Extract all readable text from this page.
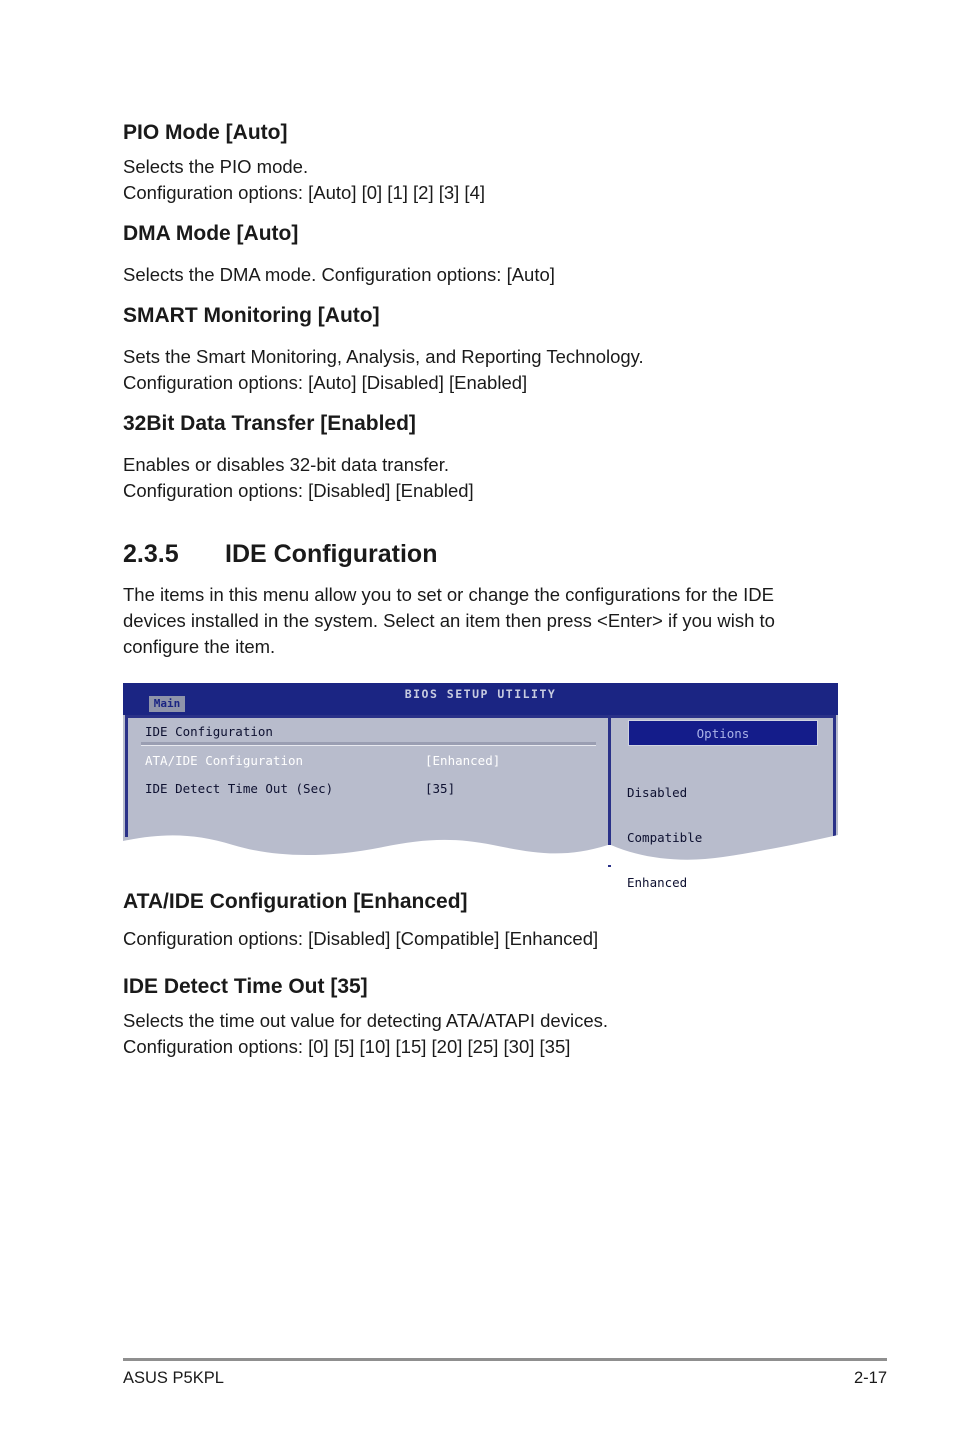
PIO Mode [Auto]

Selects the PIO mode.

Configuration options: [Auto] [0] [1] [2] [3] [4]

DMA Mode [Auto]

Selects the DMA mode. Configuration options: [Auto]

SMART Monitoring [Auto]

Sets the Smart Monitoring, Analysis, and Reporting Technology.

Configuration options: [Auto] [Disabled] [Enabled]

32Bit Data Transfer [Enabled]

Enables or disables 32-bit data transfer.

Configuration options: [Disabled] [Enabled]

2.3.5 IDE Configuration

The items in this menu allow you to set or change the configurations for the IDE

devices installed in the system. Select an item then press <Enter> if you wish to

configure the item.

BIOS SETUP UTILITY
Main
IDE Configuration
ATA/IDE Configuration	[Enhanced]
IDE Detect Time Out (Sec)	[35]
Options

Disabled

Compatible

Enhanced

ATA/IDE Configuration [Enhanced]

Configuration options: [Disabled] [Compatible] [Enhanced]

IDE Detect Time Out [35]

Selects the time out value for detecting ATA/ATAPI devices.

Configuration options: [0] [5] [10] [15] [20] [25] [30] [35]

ASUS P5KPL	2-17
